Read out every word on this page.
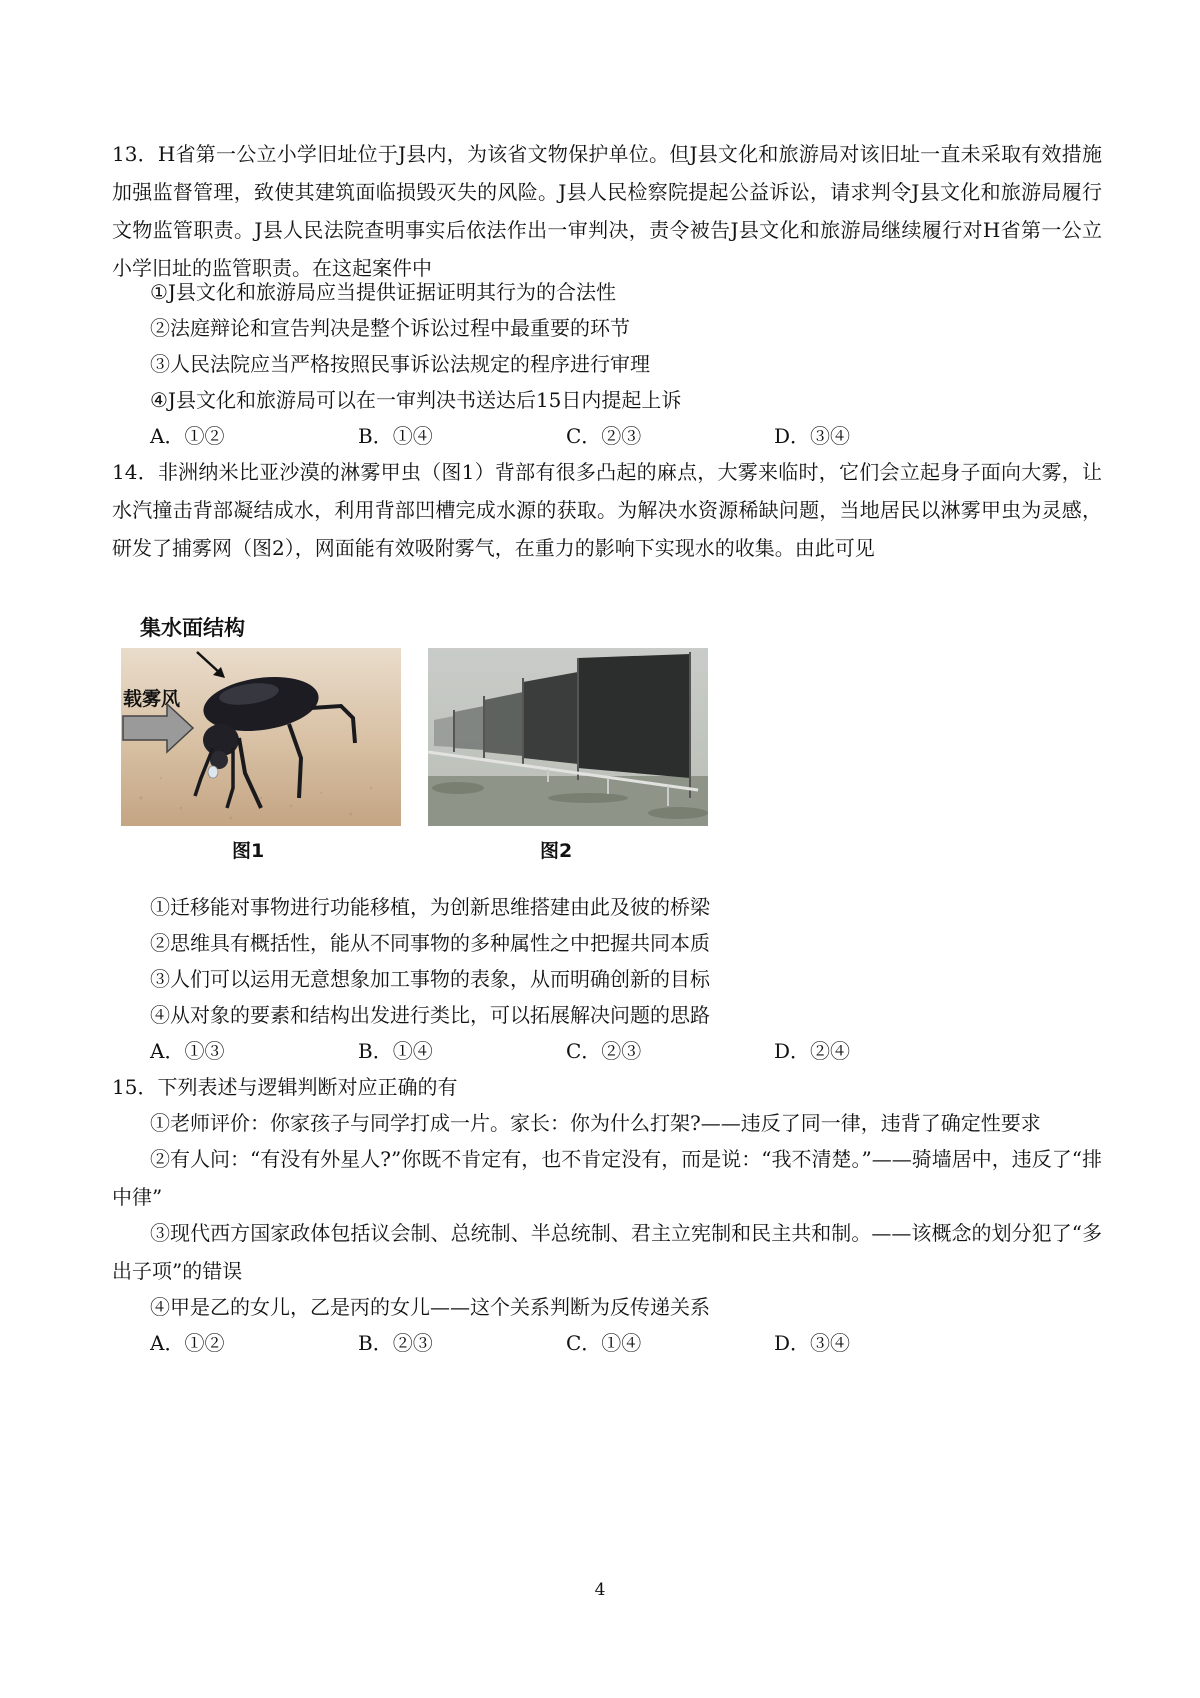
13．H省第一公立小学旧址位于J县内，为该省文物保护单位。但J县文化和旅游局对该旧址一直未采取有效措施加强监督管理，致使其建筑面临损毁灭失的风险。J县人民检察院提起公益诉讼，请求判令J县文化和旅游局履行文物监管职责。J县人民法院查明事实后依法作出一审判决，责令被告J县文化和旅游局继续履行对H省第一公立小学旧址的监管职责。在这起案件中
①J县文化和旅游局应当提供证据证明其行为的合法性
②法庭辩论和宣告判决是整个诉讼过程中最重要的环节
③人民法院应当严格按照民事诉讼法规定的程序进行审理
④J县文化和旅游局可以在一审判决书送达后15日内提起上诉
A．①②	B．①④	C．②③	D．③④
14．非洲纳米比亚沙漠的淋雾甲虫（图1）背部有很多凸起的麻点，大雾来临时，它们会立起身子面向大雾，让水汽撞击背部凝结成水，利用背部凹槽完成水源的获取。为解决水资源稀缺问题，当地居民以淋雾甲虫为灵感，研发了捕雾网（图2），网面能有效吸附雾气，在重力的影响下实现水的收集。由此可见
集水面结构
载雾风
图1	图2
①迁移能对事物进行功能移植，为创新思维搭建由此及彼的桥梁
②思维具有概括性，能从不同事物的多种属性之中把握共同本质
③人们可以运用无意想象加工事物的表象，从而明确创新的目标
④从对象的要素和结构出发进行类比，可以拓展解决问题的思路
A．①③	B．①④	C．②③	D．②④
15．下列表述与逻辑判断对应正确的有
①老师评价：你家孩子与同学打成一片。家长：你为什么打架?——违反了同一律，违背了确定性要求
②有人问：“有没有外星人?”你既不肯定有，也不肯定没有，而是说：“我不清楚。”——骑墙居中，违反了“排中律”
③现代西方国家政体包括议会制、总统制、半总统制、君主立宪制和民主共和制。——该概念的划分犯了“多出子项”的错误
④甲是乙的女儿，乙是丙的女儿——这个关系判断为反传递关系
A．①②	B．②③	C．①④	D．③④
4
